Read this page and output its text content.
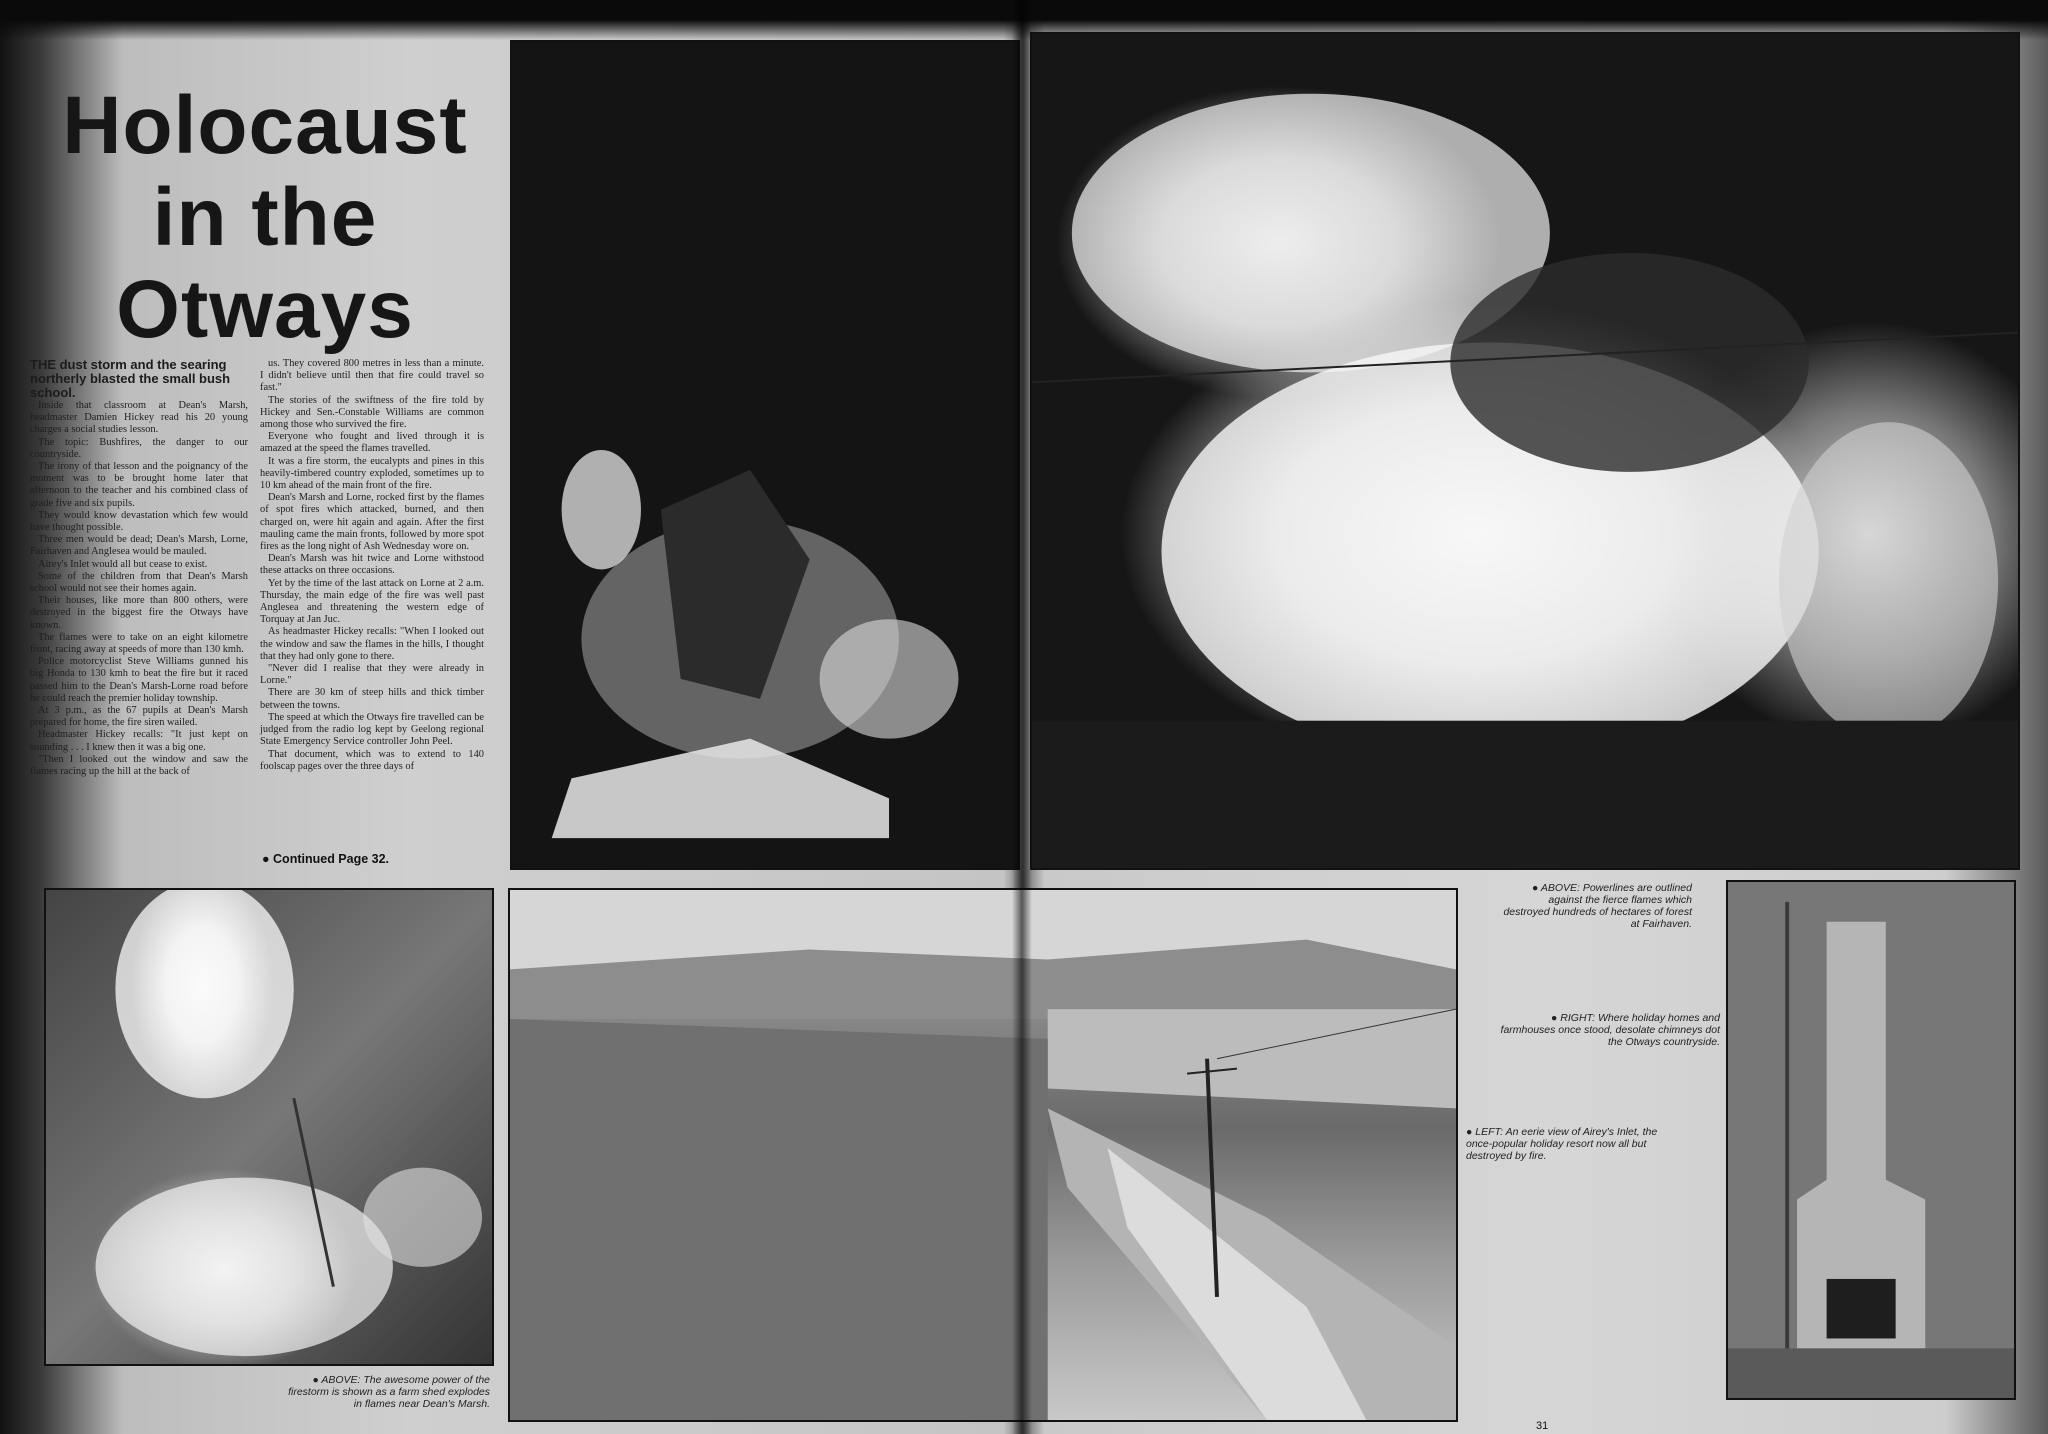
Holocaust in the Otways
THE dust storm and the searing northerly blasted the small bush school.

Inside that classroom at Dean's Marsh, headmaster Damien Hickey read his 20 young charges a social studies lesson.

The topic: Bushfires, the danger to our countryside.

The irony of that lesson and the poignancy of the moment was to be brought home later that afternoon to the teacher and his combined class of grade five and six pupils.

They would know devastation which few would have thought possible.

Three men would be dead; Dean's Marsh, Lorne, Fairhaven and Anglesea would be mauled.

Airey's Inlet would all but cease to exist.

Some of the children from that Dean's Marsh school would not see their homes again.

Their houses, like more than 800 others, were destroyed in the biggest fire the Otways have known.

The flames were to take on an eight kilometre front, racing away at speeds of more than 130 kmh.

Police motorcyclist Steve Williams gunned his big Honda to 130 kmh to beat the fire but it raced passed him to the Dean's Marsh-Lorne road before he could reach the premier holiday township.

At 3 p.m., as the 67 pupils at Dean's Marsh prepared for home, the fire siren wailed.

Headmaster Hickey recalls: "It just kept on sounding . . . I knew then it was a big one.

"Then I looked out the window and saw the flames racing up the hill at the back of

us. They covered 800 metres in less than a minute. I didn't believe until then that fire could travel so fast."

The stories of the swiftness of the fire told by Hickey and Sen.-Constable Williams are common among those who survived the fire.

Everyone who fought and lived through it is amazed at the speed the flames travelled.

It was a fire storm, the eucalypts and pines in this heavily-timbered country exploded, sometimes up to 10 km ahead of the main front of the fire.

Dean's Marsh and Lorne, rocked first by the flames of spot fires which attacked, burned, and then charged on, were hit again and again. After the first mauling came the main fronts, followed by more spot fires as the long night of Ash Wednesday wore on.

Dean's Marsh was hit twice and Lorne withstood these attacks on three occasions.

Yet by the time of the last attack on Lorne at 2 a.m. Thursday, the main edge of the fire was well past Anglesea and threatening the western edge of Torquay at Jan Juc.

As headmaster Hickey recalls: "When I looked out the window and saw the flames in the hills, I thought that they had only gone to there.

"Never did I realise that they were already in Lorne."

There are 30 km of steep hills and thick timber between the towns.

The speed at which the Otways fire travelled can be judged from the radio log kept by Geelong regional State Emergency Service controller John Peel.

That document, which was to extend to 140 foolscap pages over the three days of

● Continued Page 32.
● ABOVE: The awesome power of the firestorm is shown as a farm shed explodes in flames near Dean's Marsh.
● ABOVE: Powerlines are outlined against the fierce flames which destroyed hundreds of hectares of forest at Fairhaven.
● RIGHT: Where holiday homes and farmhouses once stood, desolate chimneys dot the Otways countryside.
● LEFT: An eerie view of Airey's Inlet, the once-popular holiday resort now all but destroyed by fire.
31
